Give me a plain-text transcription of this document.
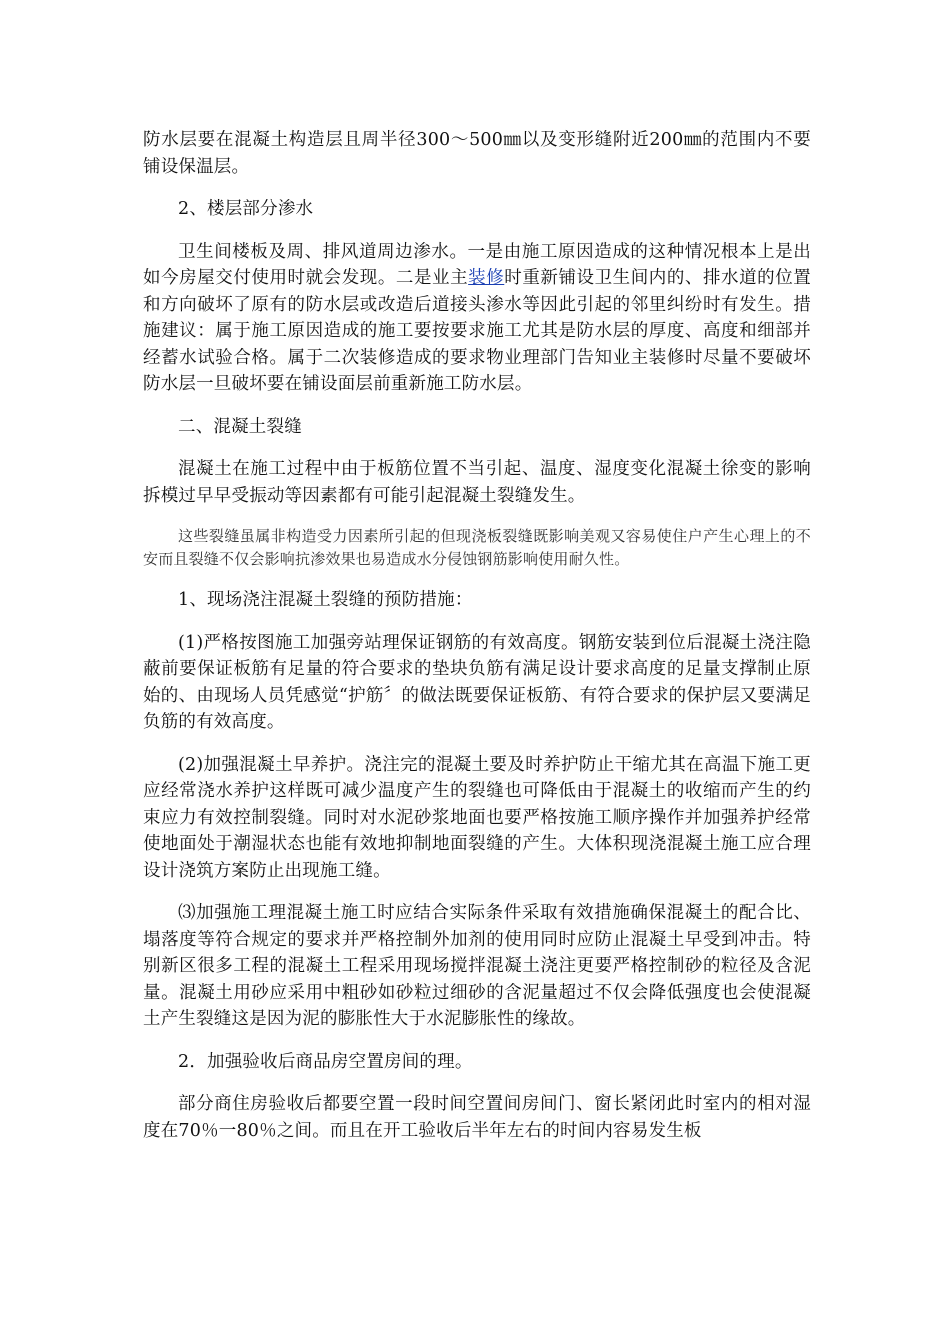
防水层要在混凝土构造层且周半径300～500㎜以及变形缝附近200㎜的范围内不要铺设保温层。

2、楼层部分渗水

卫生间楼板及周、排风道周边渗水。一是由施工原因造成的这种情况根本上是出如今房屋交付使用时就会发现。二是业主装修时重新铺设卫生间内的、排水道的位置和方向破坏了原有的防水层或改造后道接头渗水等因此引起的邻里纠纷时有发生。措施建议：属于施工原因造成的施工要按要求施工尤其是防水层的厚度、高度和细部并经蓄水试验合格。属于二次装修造成的要求物业理部门告知业主装修时尽量不要破坏防水层一旦破坏要在铺设面层前重新施工防水层。

二、混凝土裂缝

混凝土在施工过程中由于板筋位置不当引起、温度、湿度变化混凝土徐变的影响拆模过早早受振动等因素都有可能引起混凝土裂缝发生。

这些裂缝虽属非构造受力因素所引起的但现浇板裂缝既影响美观又容易使住户产生心理上的不安而且裂缝不仅会影响抗渗效果也易造成水分侵蚀钢筋影响使用耐久性。

1、现场浇注混凝土裂缝的预防措施：

(1)严格按图施工加强旁站理保证钢筋的有效高度。钢筋安装到位后混凝土浇注隐蔽前要保证板筋有足量的符合要求的垫块负筋有满足设计要求高度的足量支撑制止原始的、由现场人员凭感觉“护筋〞的做法既要保证板筋、有符合要求的保护层又要满足负筋的有效高度。

(2)加强混凝土早养护。浇注完的混凝土要及时养护防止干缩尤其在高温下施工更应经常浇水养护这样既可减少温度产生的裂缝也可降低由于混凝土的收缩而产生的约束应力有效控制裂缝。同时对水泥砂浆地面也要严格按施工顺序操作并加强养护经常使地面处于潮湿状态也能有效地抑制地面裂缝的产生。大体积现浇混凝土施工应合理设计浇筑方案防止出现施工缝。

⑶加强施工理混凝土施工时应结合实际条件采取有效措施确保混凝土的配合比、塌落度等符合规定的要求并严格控制外加剂的使用同时应防止混凝土早受到冲击。特别新区很多工程的混凝土工程采用现场搅拌混凝土浇注更要严格控制砂的粒径及含泥量。混凝土用砂应采用中粗砂如砂粒过细砂的含泥量超过不仅会降低强度也会使混凝土产生裂缝这是因为泥的膨胀性大于水泥膨胀性的缘故。

2．加强验收后商品房空置房间的理。

部分商住房验收后都要空置一段时间空置间房间门、窗长紧闭此时室内的相对湿度在70％一80％之间。而且在开工验收后半年左右的时间内容易发生板
